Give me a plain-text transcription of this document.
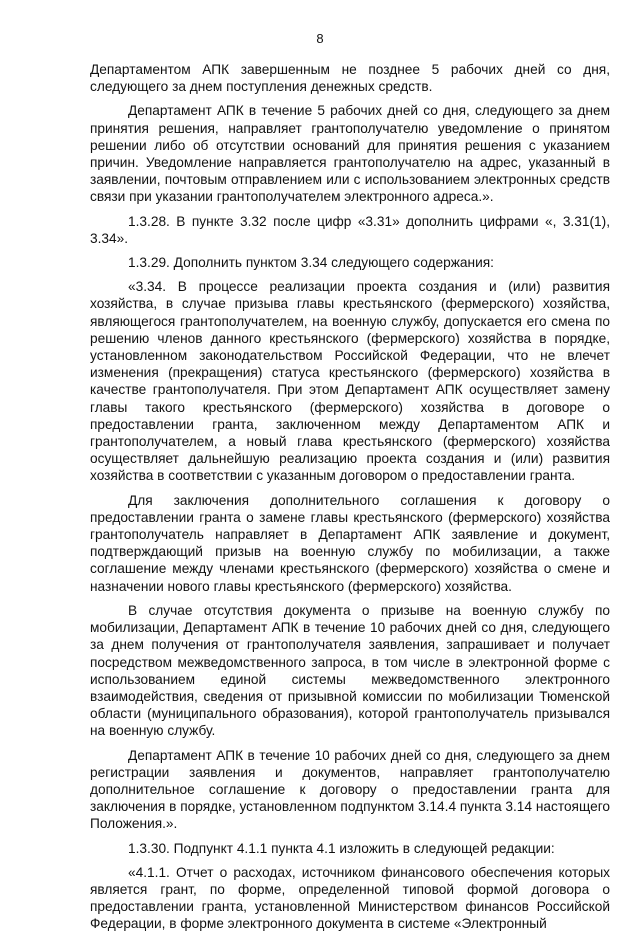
8

Департаментом АПК завершенным не позднее 5 рабочих дней со дня, следующего за днем поступления денежных средств.

Департамент АПК в течение 5 рабочих дней со дня, следующего за днем принятия решения, направляет грантополучателю уведомление о принятом решении либо об отсутствии оснований для принятия решения с указанием причин. Уведомление направляется грантополучателю на адрес, указанный в заявлении, почтовым отправлением или с использованием электронных средств связи при указании грантополучателем электронного адреса.».

1.3.28. В пункте 3.32 после цифр «3.31» дополнить цифрами «, 3.31(1), 3.34».

1.3.29. Дополнить пунктом 3.34 следующего содержания:

«3.34. В процессе реализации проекта создания и (или) развития хозяйства, в случае призыва главы крестьянского (фермерского) хозяйства, являющегося грантополучателем, на военную службу, допускается его смена по решению членов данного крестьянского (фермерского) хозяйства в порядке, установленном законодательством Российской Федерации, что не влечет изменения (прекращения) статуса крестьянского (фермерского) хозяйства в качестве грантополучателя. При этом Департамент АПК осуществляет замену главы такого крестьянского (фермерского) хозяйства в договоре о предоставлении гранта, заключенном между Департаментом АПК и грантополучателем, а новый глава крестьянского (фермерского) хозяйства осуществляет дальнейшую реализацию проекта создания и (или) развития хозяйства в соответствии с указанным договором о предоставлении гранта.

Для заключения дополнительного соглашения к договору о предоставлении гранта о замене главы крестьянского (фермерского) хозяйства грантополучатель направляет в Департамент АПК заявление и документ, подтверждающий призыв на военную службу по мобилизации, а также соглашение между членами крестьянского (фермерского) хозяйства о смене и назначении нового главы крестьянского (фермерского) хозяйства.

В случае отсутствия документа о призыве на военную службу по мобилизации, Департамент АПК в течение 10 рабочих дней со дня, следующего за днем получения от грантополучателя заявления, запрашивает и получает посредством межведомственного запроса, в том числе в электронной форме с использованием единой системы межведомственного электронного взаимодействия, сведения от призывной комиссии по мобилизации Тюменской области (муниципального образования), которой грантополучатель призывался на военную службу.

Департамент АПК в течение 10 рабочих дней со дня, следующего за днем регистрации заявления и документов, направляет грантополучателю дополнительное соглашение к договору о предоставлении гранта для заключения в порядке, установленном подпунктом 3.14.4 пункта 3.14 настоящего Положения.».

1.3.30. Подпункт 4.1.1 пункта 4.1 изложить в следующей редакции:

«4.1.1. Отчет о расходах, источником финансового обеспечения которых является грант, по форме, определенной типовой формой договора о предоставлении гранта, установленной Министерством финансов Российской Федерации, в форме электронного документа в системе «Электронный
